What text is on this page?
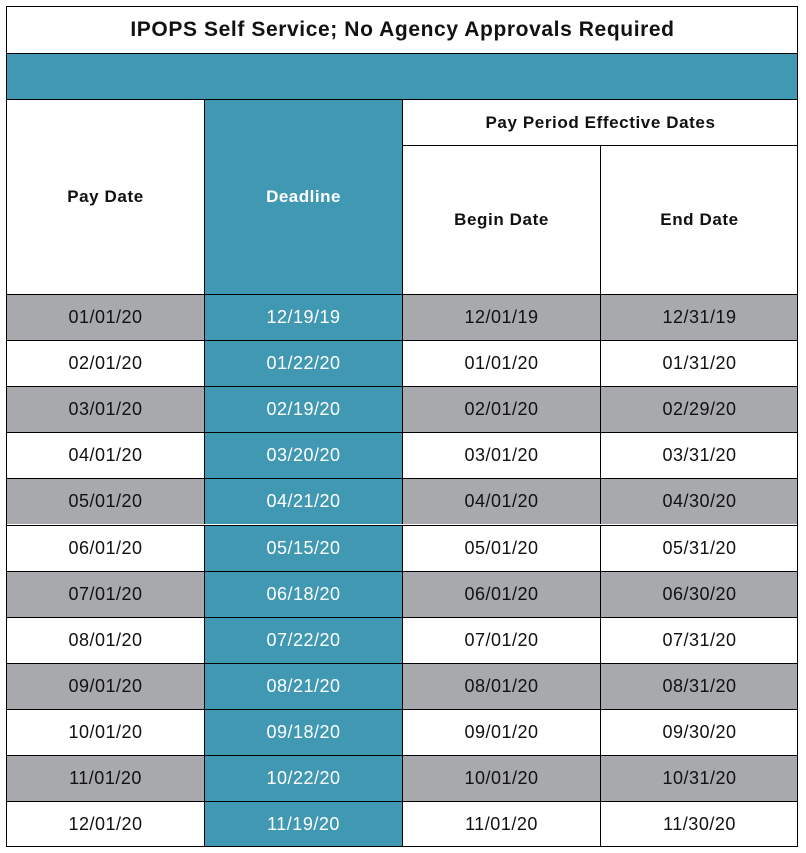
IPOPS Self Service; No Agency Approvals Required
Pay Date	Deadline
Pay Period Effective Dates
Begin Date	End Date
01/01/20	12/19/19	12/01/19	12/31/19
02/01/20	01/22/20	01/01/20	01/31/20
03/01/20	02/19/20	02/01/20	02/29/20
04/01/20	03/20/20	03/01/20	03/31/20
05/01/20	04/21/20	04/01/20	04/30/20
06/01/20	05/15/20	05/01/20	05/31/20
07/01/20	06/18/20	06/01/20	06/30/20
08/01/20	07/22/20	07/01/20	07/31/20
09/01/20	08/21/20	08/01/20	08/31/20
10/01/20	09/18/20	09/01/20	09/30/20
11/01/20	10/22/20	10/01/20	10/31/20
12/01/20	11/19/20	11/01/20	11/30/20
